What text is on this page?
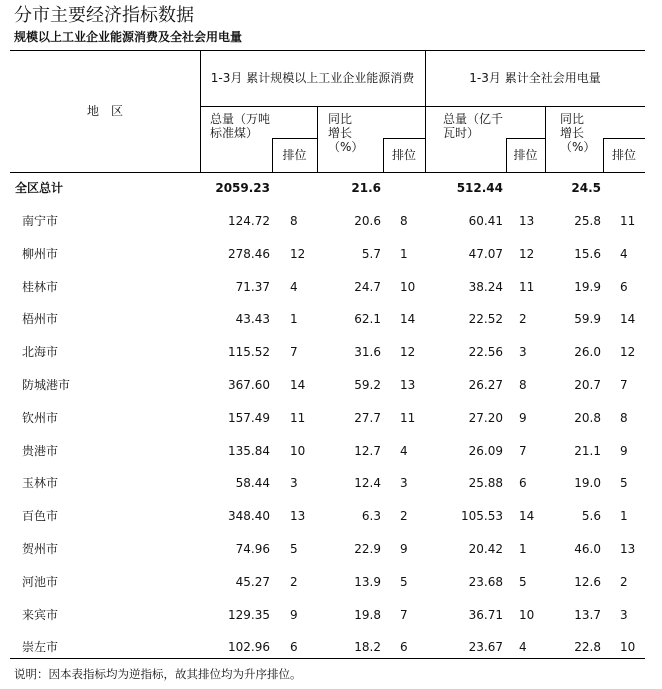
分市主要经济指标数据
规模以上工业企业能源消费及全社会用电量
地　区
1-3月 累计规模以上工业企业能源消费	1-3月 累计全社会用电量
总量（万吨标准煤）
同比增长（%）
总量（亿千瓦时）
同比增长（%）
排位	排位	排位	排位
全区总计	2059.23	21.6	512.44	24.5
南宁市	124.72 8	20.6 8	60.41 13	25.8 11
柳州市	278.46 12	5.7 1	47.07 12	15.6 4
桂林市	71.37 4	24.7 10	38.24 11	19.9 6
梧州市	43.43 1	62.1 14	22.52 2	59.9 14
北海市	115.52 7	31.6 12	22.56 3	26.0 12
防城港市	367.60 14	59.2 13	26.27 8	20.7 7
钦州市	157.49 11	27.7 11	27.20 9	20.8 8
贵港市	135.84 10	12.7 4	26.09 7	21.1 9
玉林市	58.44 3	12.4 3	25.88 6	19.0 5
百色市	348.40 13	6.3 2	105.53 14	5.6 1
贺州市	74.96 5	22.9 9	20.42 1	46.0 13
河池市	45.27 2	13.9 5	23.68 5	12.6 2
来宾市	129.35 9	19.8 7	36.71 10	13.7 3
崇左市	102.96 6	18.2 6	23.67 4	22.8 10
说明：因本表指标均为逆指标，故其排位均为升序排位。
